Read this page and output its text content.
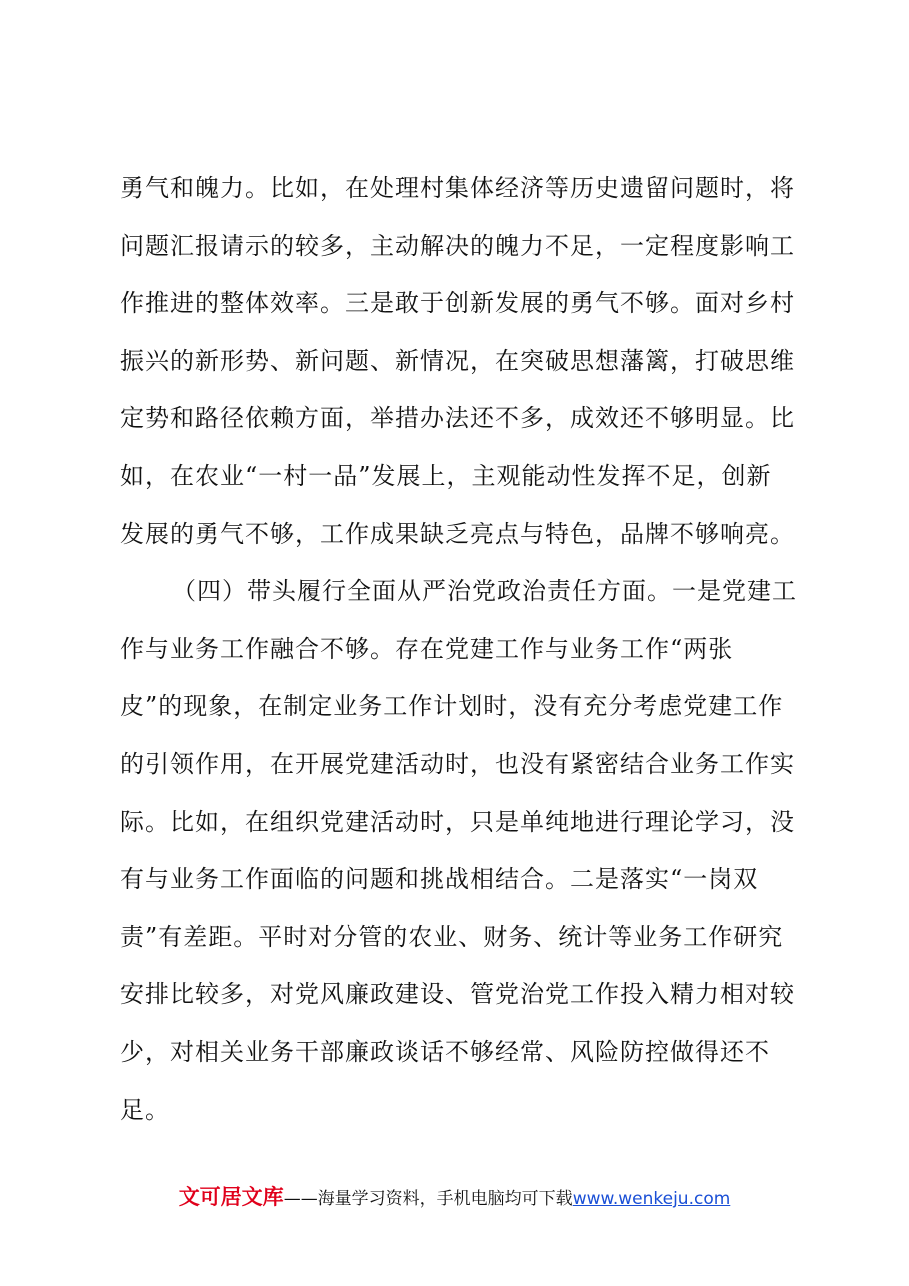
勇气和魄力。比如，在处理村集体经济等历史遗留问题时，将
问题汇报请示的较多，主动解决的魄力不足，一定程度影响工
作推进的整体效率。三是敢于创新发展的勇气不够。面对乡村
振兴的新形势、新问题、新情况，在突破思想藩篱，打破思维
定势和路径依赖方面，举措办法还不多，成效还不够明显。比
如，在农业“一村一品”发展上，主观能动性发挥不足，创新
发展的勇气不够，工作成果缺乏亮点与特色，品牌不够响亮。
（四）带头履行全面从严治党政治责任方面。一是党建工
作与业务工作融合不够。存在党建工作与业务工作“两张
皮”的现象，在制定业务工作计划时，没有充分考虑党建工作
的引领作用，在开展党建活动时，也没有紧密结合业务工作实
际。比如，在组织党建活动时，只是单纯地进行理论学习，没
有与业务工作面临的问题和挑战相结合。二是落实“一岗双
责”有差距。平时对分管的农业、财务、统计等业务工作研究
安排比较多，对党风廉政建设、管党治党工作投入精力相对较
少，对相关业务干部廉政谈话不够经常、风险防控做得还不
足。
文可居文库——海量学习资料，手机电脑均可下载www.wenkeju.com
